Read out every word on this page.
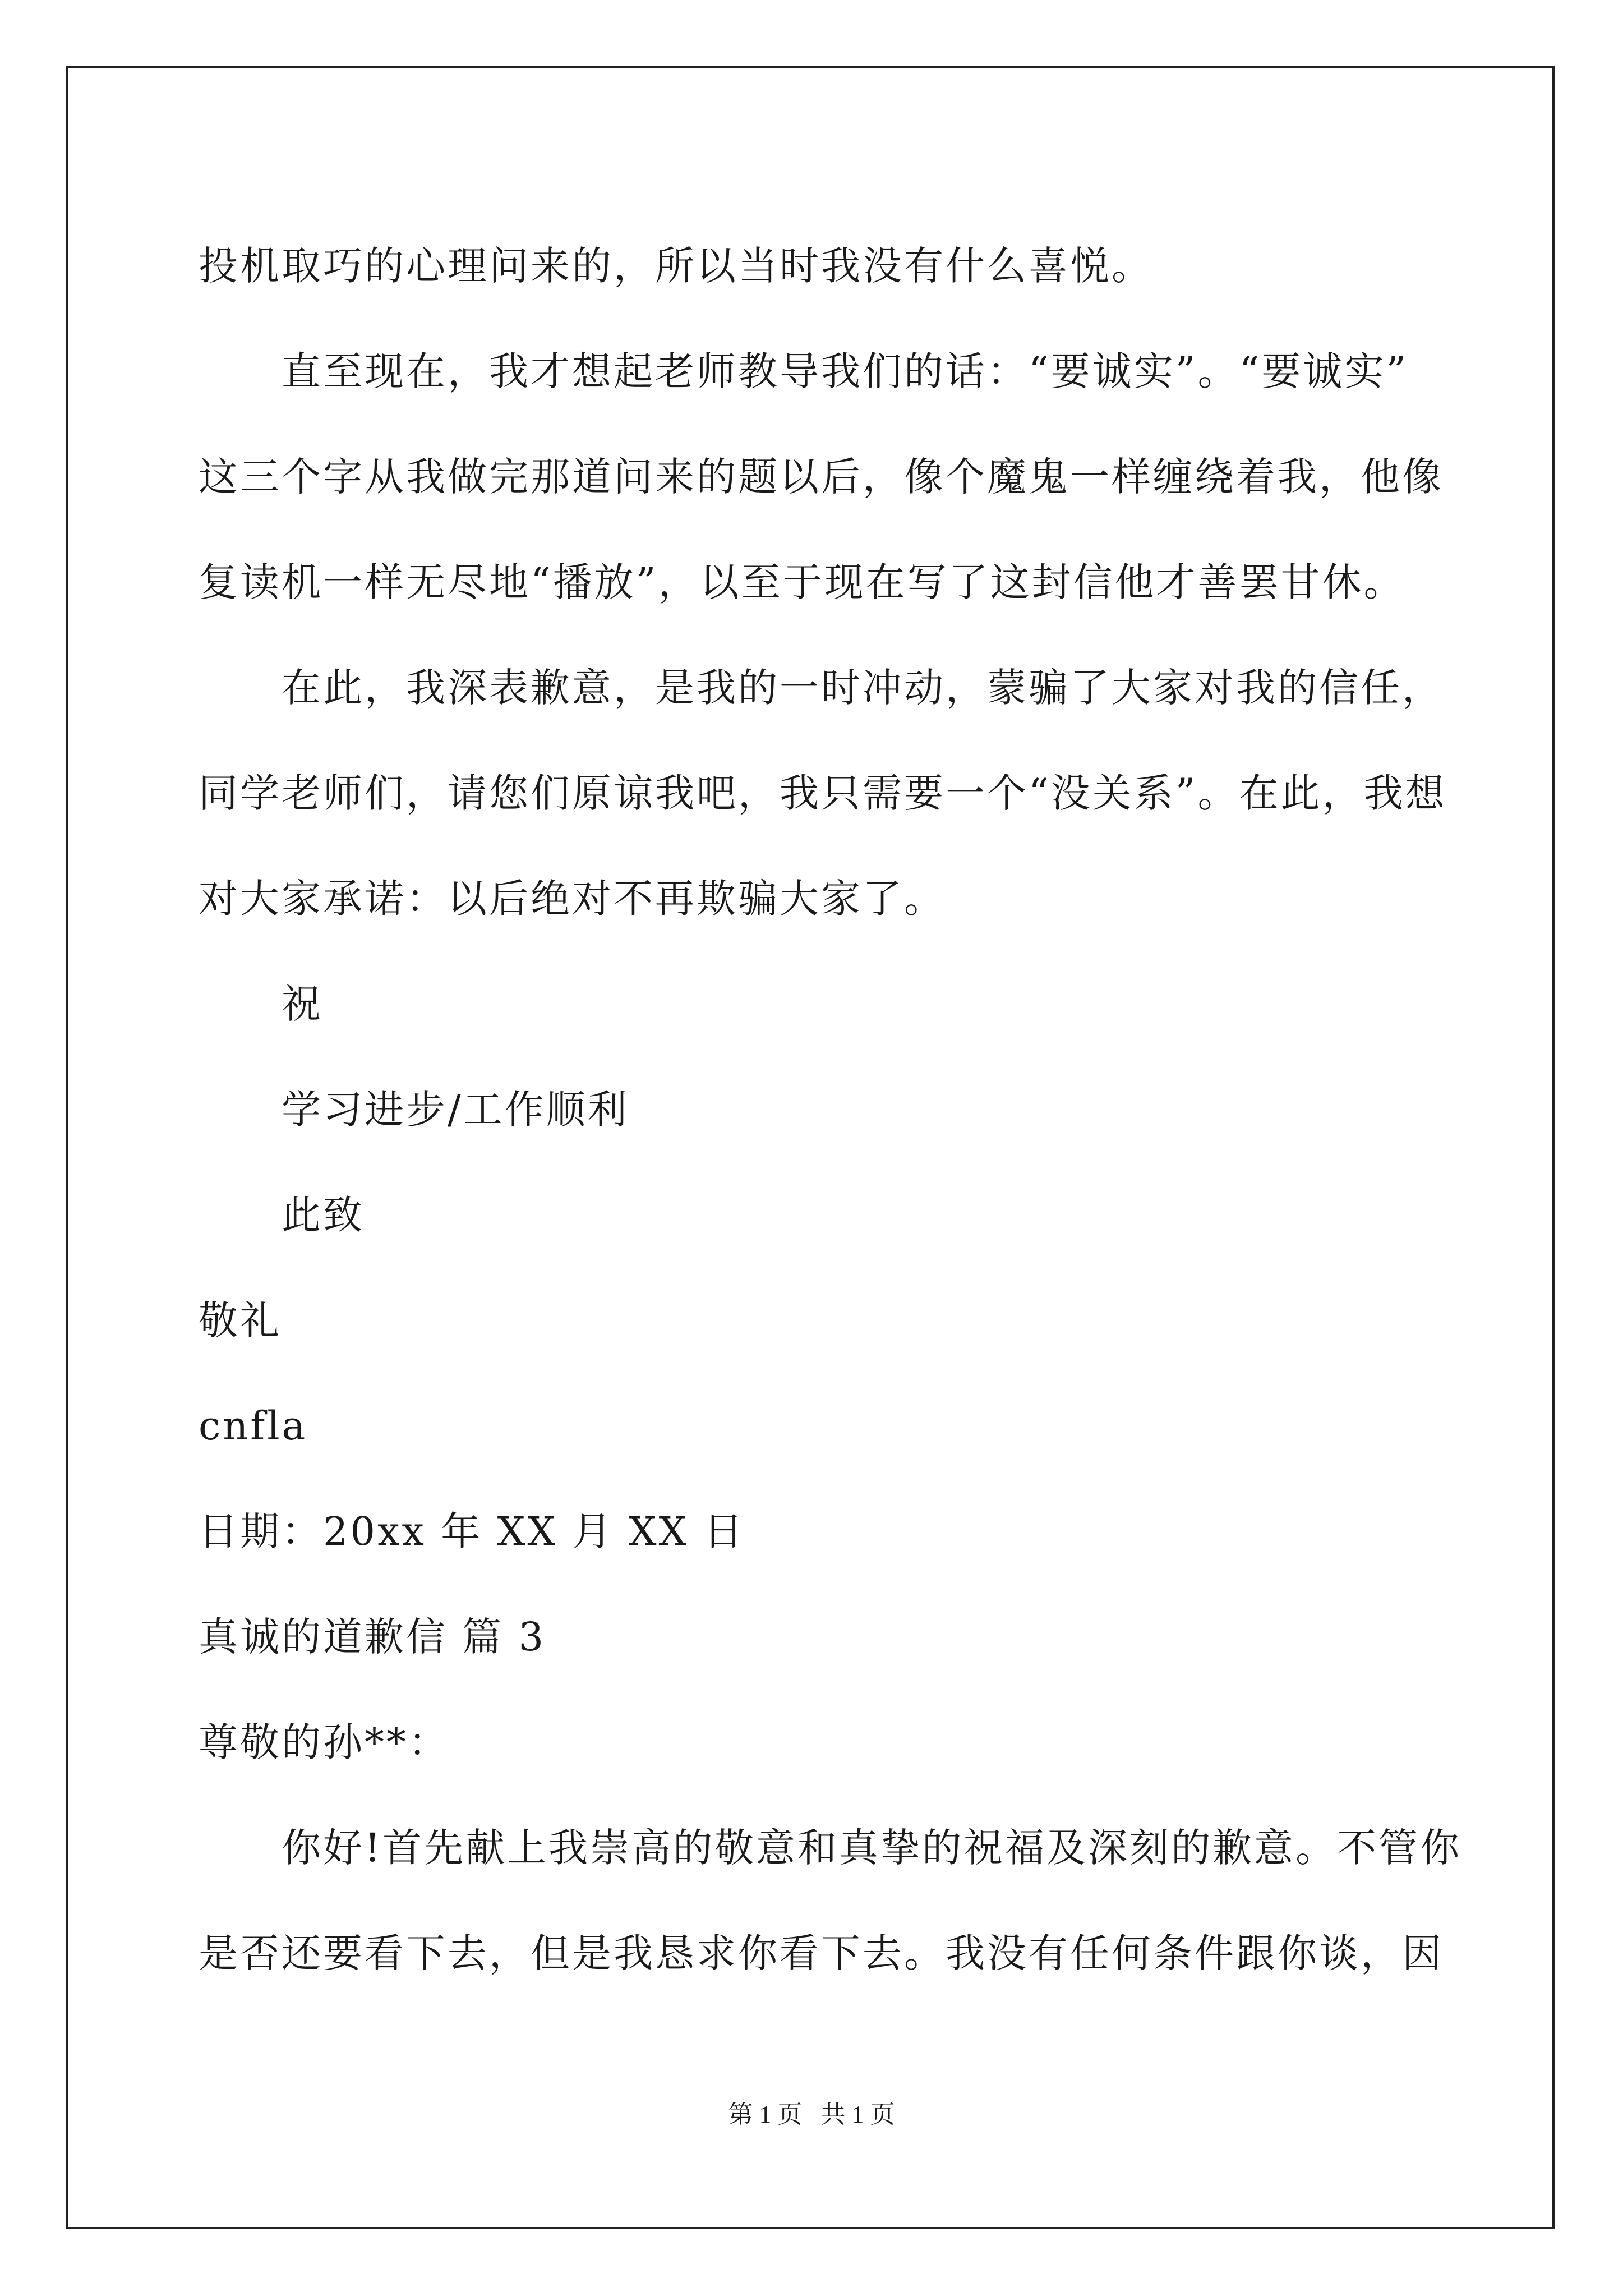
投机取巧的心理问来的，所以当时我没有什么喜悦。
直至现在，我才想起老师教导我们的话：“要诚实”。“要诚实”
这三个字从我做完那道问来的题以后，像个魔鬼一样缠绕着我，他像
复读机一样无尽地“播放”，以至于现在写了这封信他才善罢甘休。
在此，我深表歉意，是我的一时冲动，蒙骗了大家对我的信任，
同学老师们，请您们原谅我吧，我只需要一个“没关系”。在此，我想
对大家承诺：以后绝对不再欺骗大家了。
祝
学习进步/工作顺利
此致
敬礼
cnfla
日期：20xx 年 XX 月 XX 日
真诚的道歉信 篇 3
尊敬的孙**：
你好!首先献上我崇高的敬意和真挚的祝福及深刻的歉意。不管你
是否还要看下去，但是我恳求你看下去。我没有任何条件跟你谈，因
第 1 页   共 1 页
